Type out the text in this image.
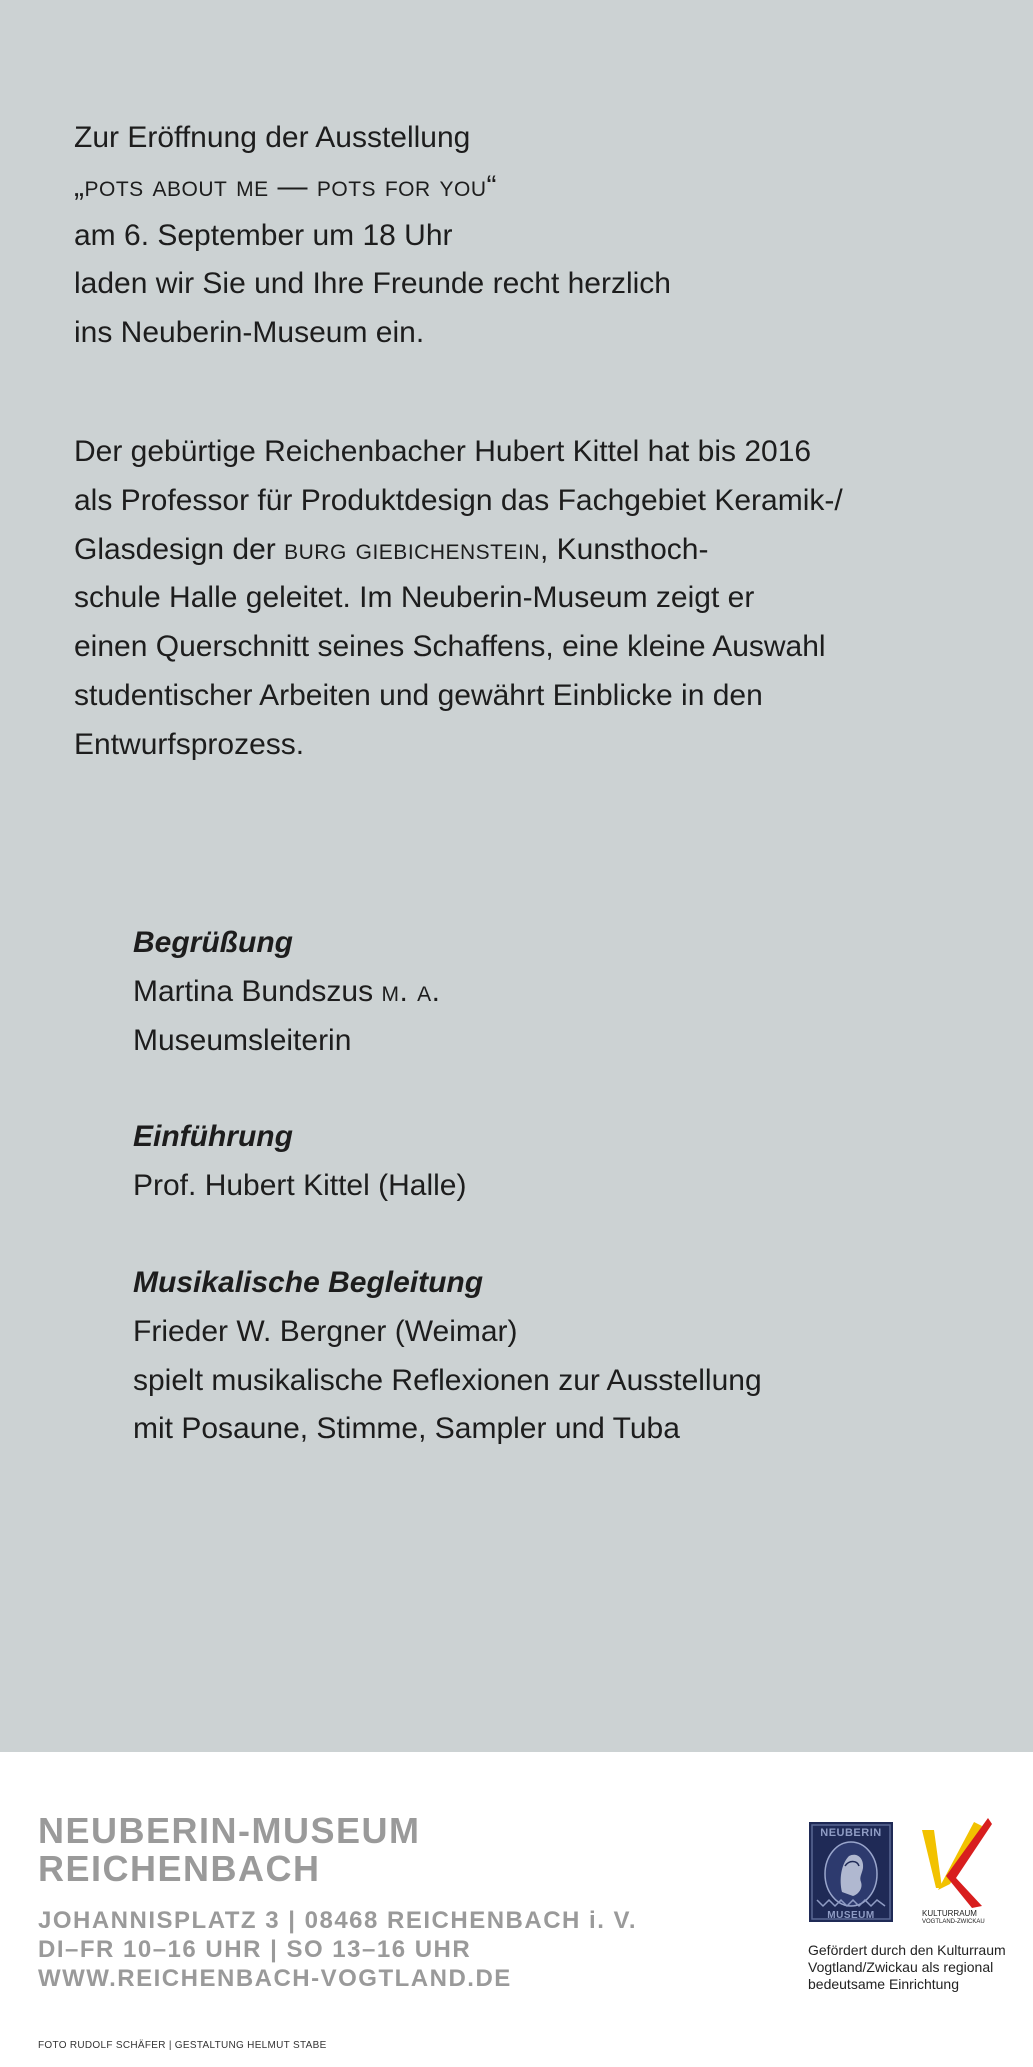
Zur Eröffnung der Ausstellung
„pots about me — pots for you“
am 6. September um 18 Uhr
laden wir Sie und Ihre Freunde recht herzlich
ins Neuberin-Museum ein.
Der gebürtige Reichenbacher Hubert Kittel hat bis 2016
als Professor für Produktdesign das Fachgebiet Keramik-/
Glasdesign der burg giebichenstein, Kunsthoch-
schule Halle geleitet. Im Neuberin-Museum zeigt er
einen Querschnitt seines Schaffens, eine kleine Auswahl
studentischer Arbeiten und gewährt Einblicke in den
Entwurfsprozess.
Begrüßung
Martina Bundszus m. a.
Museumsleiterin
Einführung
Prof. Hubert Kittel (Halle)
Musikalische Begleitung
Frieder W. Bergner (Weimar)
spielt musikalische Reflexionen zur Ausstellung
mit Posaune, Stimme, Sampler und Tuba
NEUBERIN-MUSEUM
REICHENBACH
JOHANNISPLATZ 3 | 08468 REICHENBACH i. V.
DI–FR 10–16 UHR | SO 13–16 UHR
WWW.REICHENBACH-VOGTLAND.DE
NEUBERIN
MUSEUM	KULTURRAUM
VOGTLAND-ZWICKAU
Gefördert durch den Kulturraum
Vogtland/Zwickau als regional
bedeutsame Einrichtung
FOTO RUDOLF SCHÄFER | GESTALTUNG HELMUT STABE
